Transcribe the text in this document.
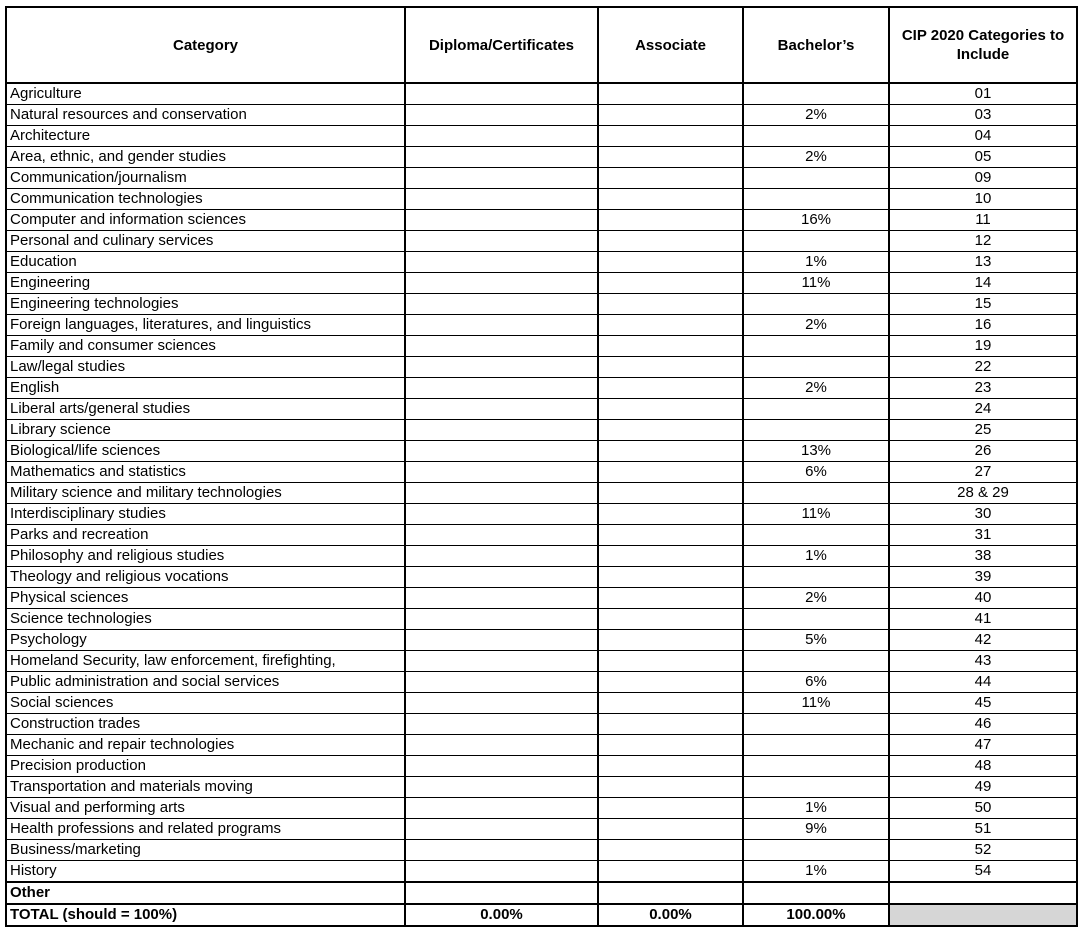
Category	Diploma/Certificates	Associate	Bachelor’s	CIP 2020 Categories to Include
Agriculture				01
Natural resources and conservation			2%	03
Architecture				04
Area, ethnic, and gender studies			2%	05
Communication/journalism				09
Communication technologies				10
Computer and information sciences			16%	11
Personal and culinary services				12
Education			1%	13
Engineering			11%	14
Engineering technologies				15
Foreign languages, literatures, and linguistics			2%	16
Family and consumer sciences				19
Law/legal studies				22
English			2%	23
Liberal arts/general studies				24
Library science				25
Biological/life sciences			13%	26
Mathematics and statistics			6%	27
Military science and military technologies				28 & 29
Interdisciplinary studies			11%	30
Parks and recreation				31
Philosophy and religious studies			1%	38
Theology and religious vocations				39
Physical sciences			2%	40
Science technologies				41
Psychology			5%	42
Homeland Security, law enforcement, firefighting,				43
Public administration and social services			6%	44
Social sciences			11%	45
Construction trades				46
Mechanic and repair technologies				47
Precision production				48
Transportation and materials moving				49
Visual and performing arts			1%	50
Health professions and related programs			9%	51
Business/marketing				52
History			1%	54
Other				
TOTAL (should = 100%)	0.00%	0.00%	100.00%	
